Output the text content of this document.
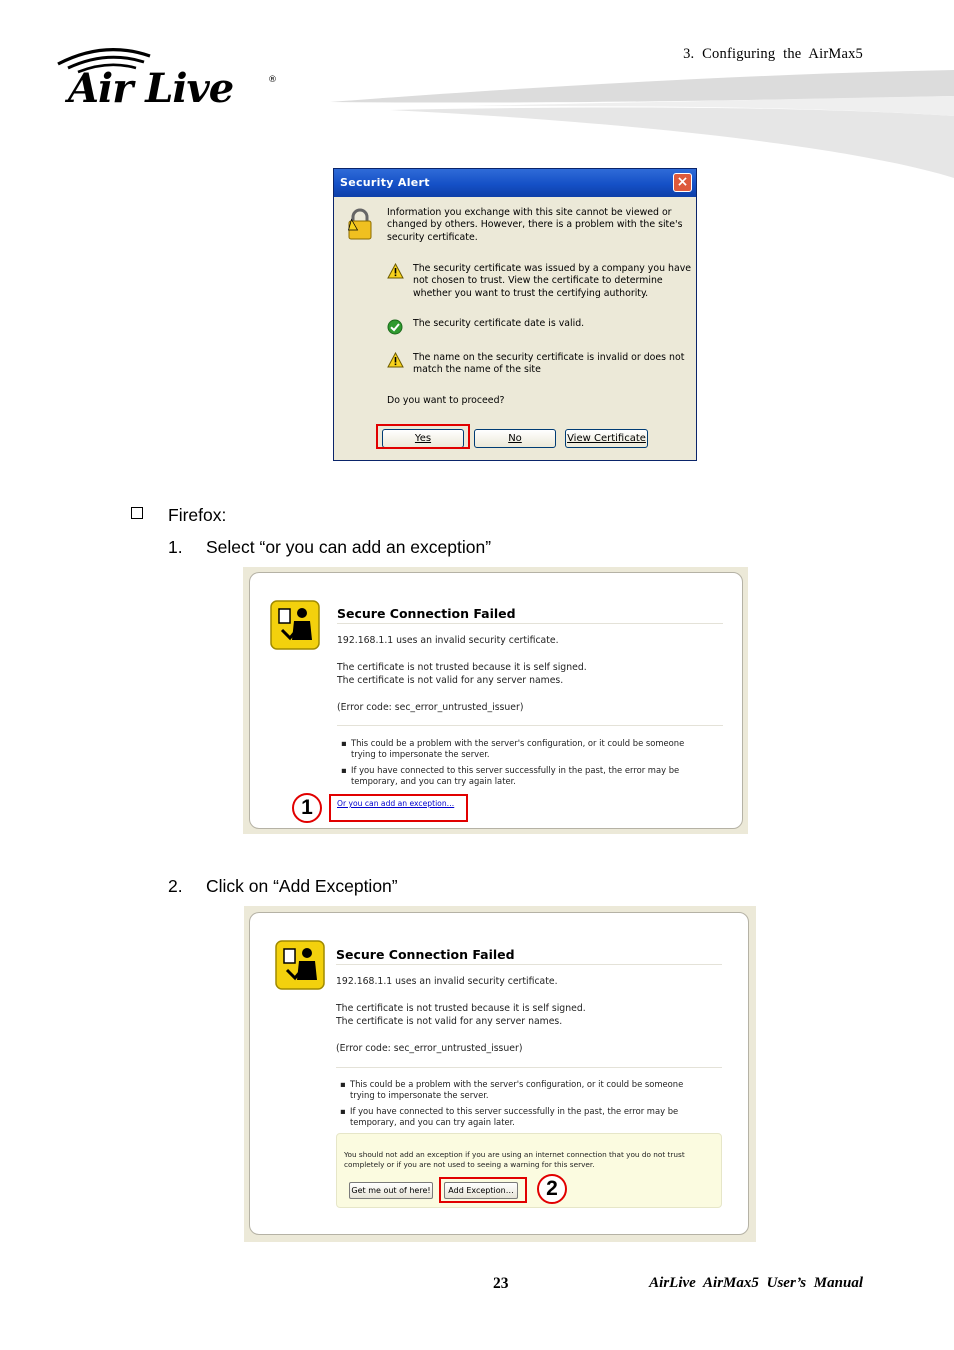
Air Live	®
3. Configuring the AirMax5
Security Alert	×
Information you exchange with this site cannot be viewed or changed by others. However, there is a problem with the site's security certificate.
The security certificate was issued by a company you have not chosen to trust. View the certificate to determine whether you want to trust the certifying authority.
The security certificate date is valid.
The name on the security certificate is invalid or does not match the name of the site
Do you want to proceed?
Yes	No	View Certificate
Firefox:
1. Select “or you can add an exception”
Secure Connection Failed
192.168.1.1 uses an invalid security certificate.
The certificate is not trusted because it is self signed.
The certificate is not valid for any server names.
(Error code: sec_error_untrusted_issuer)
▪ This could be a problem with the server's configuration, or it could be someone
trying to impersonate the server.
▪ If you have connected to this server successfully in the past, the error may be
temporary, and you can try again later.
Or you can add an exception…
1
2. Click on “Add Exception”
Secure Connection Failed
192.168.1.1 uses an invalid security certificate.
The certificate is not trusted because it is self signed.
The certificate is not valid for any server names.
(Error code: sec_error_untrusted_issuer)
▪ This could be a problem with the server's configuration, or it could be someone
trying to impersonate the server.
▪ If you have connected to this server successfully in the past, the error may be
temporary, and you can try again later.
You should not add an exception if you are using an internet connection that you do not trust
completely or if you are not used to seeing a warning for this server.
Get me out of here!	Add Exception…	2
23	AirLive AirMax5 User’s Manual
